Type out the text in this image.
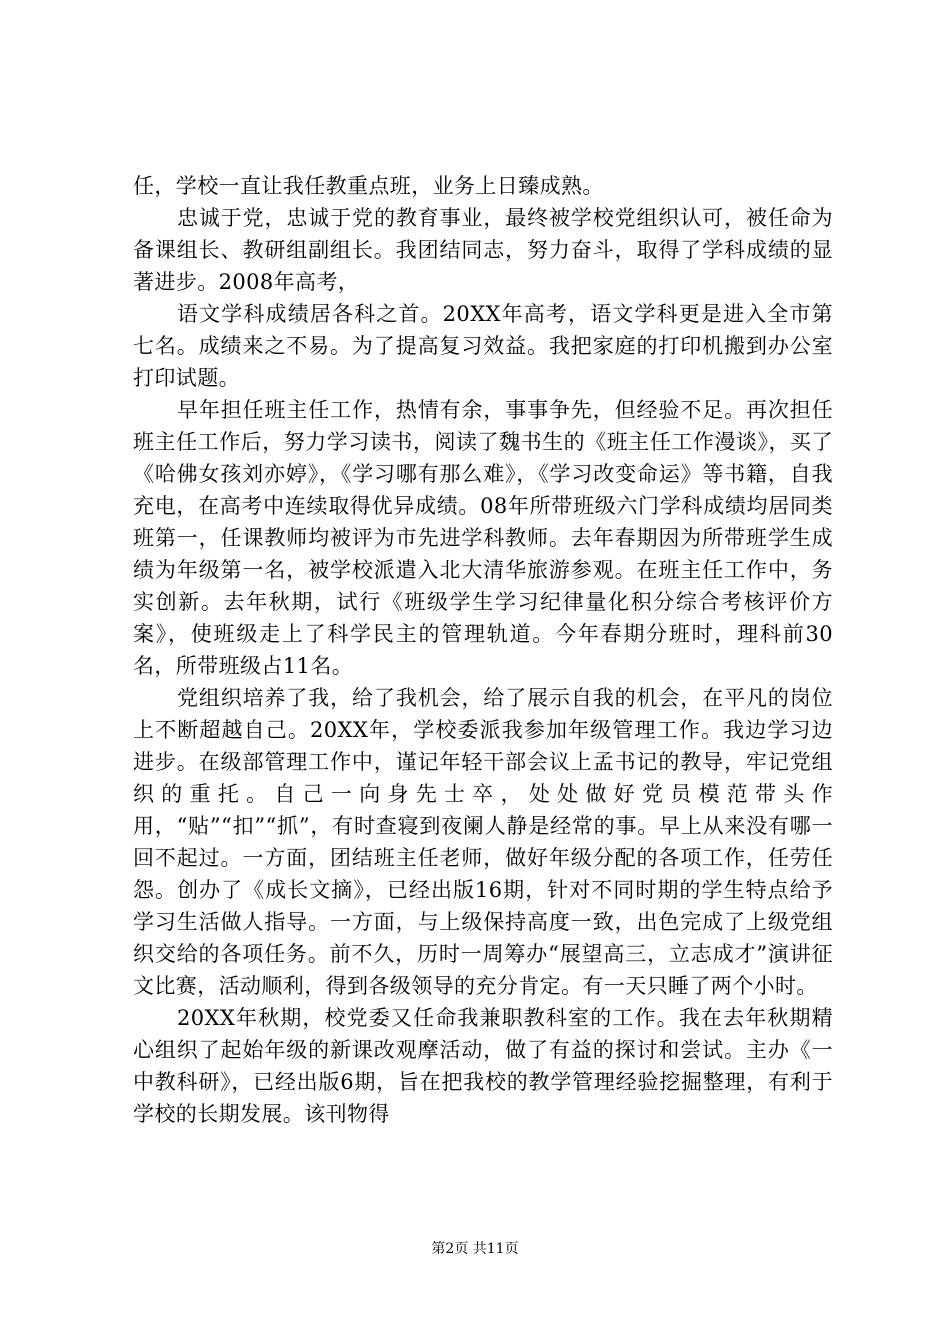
任，学校一直让我任教重点班，业务上日臻成熟。

忠诚于党，忠诚于党的教育事业，最终被学校党组织认可，被任命为备课组长、教研组副组长。我团结同志，努力奋斗，取得了学科成绩的显著进步。2008年高考，

语文学科成绩居各科之首。20XX年高考，语文学科更是进入全市第七名。成绩来之不易。为了提高复习效益。我把家庭的打印机搬到办公室打印试题。

早年担任班主任工作，热情有余，事事争先，但经验不足。再次担任班主任工作后，努力学习读书，阅读了魏书生的《班主任工作漫谈》，买了《哈佛女孩刘亦婷》，《学习哪有那么难》，《学习改变命运》等书籍，自我充电，在高考中连续取得优异成绩。08年所带班级六门学科成绩均居同类班第一，任课教师均被评为市先进学科教师。去年春期因为所带班学生成绩为年级第一名，被学校派遣入北大清华旅游参观。在班主任工作中，务实创新。去年秋期，试行《班级学生学习纪律量化积分综合考核评价方案》，使班级走上了科学民主的管理轨道。今年春期分班时，理科前30名，所带班级占11名。

党组织培养了我，给了我机会，给了展示自我的机会，在平凡的岗位上不断超越自己。20XX年，学校委派我参加年级管理工作。我边学习边进步。在级部管理工作中，谨记年轻干部会议上孟书记的教导，牢记党组织的重托。自己一向身先士卒，处处做好党员模范带头作用，“贴”“扣”“抓”，有时查寝到夜阑人静是经常的事。早上从来没有哪一回不起过。一方面，团结班主任老师，做好年级分配的各项工作，任劳任怨。创办了《成长文摘》，已经出版16期，针对不同时期的学生特点给予学习生活做人指导。一方面，与上级保持高度一致，出色完成了上级党组织交给的各项任务。前不久，历时一周筹办“展望高三，立志成才”演讲征文比赛，活动顺利，得到各级领导的充分肯定。有一天只睡了两个小时。

20XX年秋期，校党委又任命我兼职教科室的工作。我在去年秋期精心组织了起始年级的新课改观摩活动，做了有益的探讨和尝试。主办《一中教科研》，已经出版6期，旨在把我校的教学管理经验挖掘整理，有利于学校的长期发展。该刊物得

第2页 共11页
